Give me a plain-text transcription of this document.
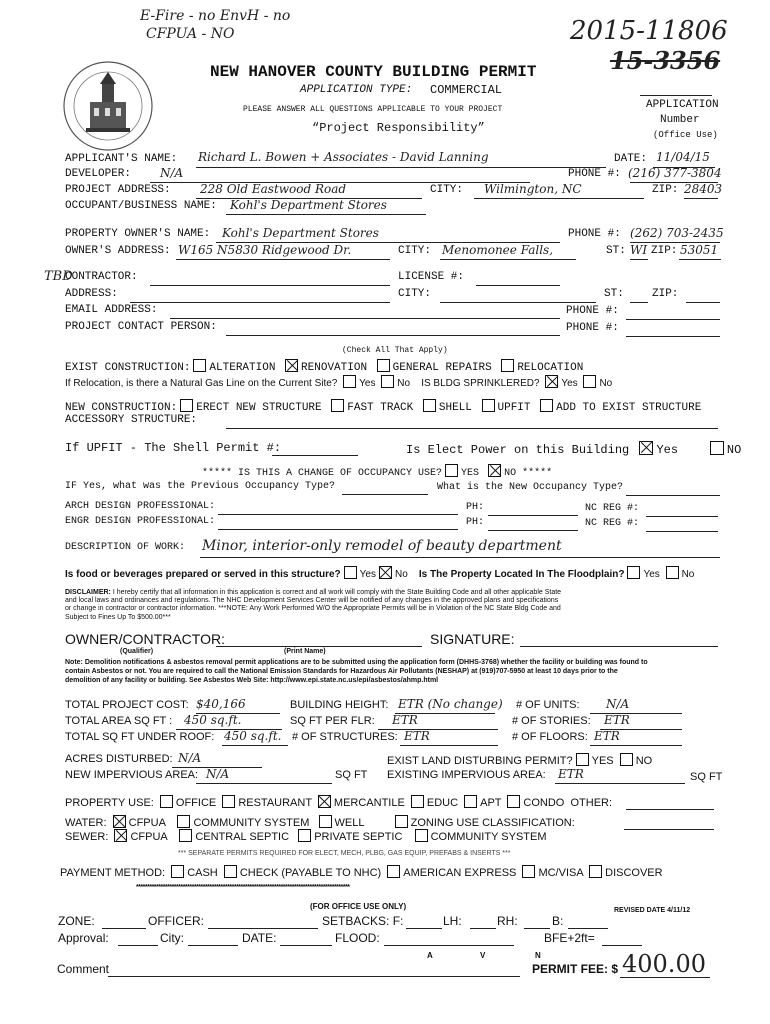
E-Fire - no EnvH - no
CFPUA - NO	2015-11806
15-3356
NEW HANOVER COUNTY BUILDING PERMIT
APPLICATION TYPE: COMMERCIAL
PLEASE ANSWER ALL QUESTIONS APPLICABLE TO YOUR PROJECT
“Project Responsibility”
APPLICATION
Number
(Office Use)
APPLICANT'S NAME: Richard L. Bowen + Associates - David Lanning	DATE: 11/04/15
DEVELOPER: N/A	PHONE #: (216) 377-3804
PROJECT ADDRESS: 228 Old Eastwood Road	CITY: Wilmington, NC	ZIP: 28403
OCCUPANT/BUSINESS NAME: Kohl's Department Stores
PROPERTY OWNER'S NAME: Kohl's Department Stores	PHONE #: (262) 703-2435
OWNER'S ADDRESS: W165 N5830 Ridgewood Dr.	CITY: Menomonee Falls,	ST: WI ZIP: 53051
TBD
CONTRACTOR:	LICENSE #:
ADDRESS:	CITY:	ST:	ZIP:
EMAIL ADDRESS:	PHONE #:
PROJECT CONTACT PERSON:	PHONE #:
(Check All That Apply)
EXIST CONSTRUCTION: ALTERATION RENOVATION GENERAL REPAIRS RELOCATION
If Relocation, is there a Natural Gas Line on the Current Site? Yes No IS BLDG SPRINKLERED? Yes No
NEW CONSTRUCTION: ERECT NEW STRUCTURE FAST TRACK SHELL UPFIT ADD TO EXIST STRUCTURE
ACCESSORY STRUCTURE:
If UPFIT - The Shell Permit #:	Is Elect Power on this Building Yes	NO
***** IS THIS A CHANGE OF OCCUPANCY USE? YES	NO *****
IF Yes, what was the Previous Occupancy Type?	What is the New Occupancy Type?
ARCH DESIGN PROFESSIONAL:	PH:	NC REG #:
ENGR DESIGN PROFESSIONAL:	PH:	NC REG #:
DESCRIPTION OF WORK: Minor, interior-only remodel of beauty department
Is food or beverages prepared or served in this structure? Yes No Is The Property Located In The Floodplain? Yes No
DISCLAIMER: I hereby certify that all information in this application is correct and all work will comply with the State Building Code and all other applicable State
and local laws and ordinances and regulations. The NHC Development Services Center will be notified of any changes in the approved plans and specifications
or change in contractor or contractor information. ***NOTE: Any Work Performed W/O the Appropriate Permits will be in Violation of the NC State Bldg Code and
Subject to Fines Up To $500.00***
OWNER/CONTRACTOR:	SIGNATURE:
(Qualifier)	(Print Name)
Note: Demolition notifications & asbestos removal permit applications are to be submitted using the application form (DHHS-3768) whether the facility or building was found to
contain Asbestos or not. You are required to call the National Emission Standards for Hazardous Air Pollutants (NESHAP) at (919)707-5950 at least 10 days prior to the
demolition of any facility or building. See Asbestos Web Site: http://www.epi.state.nc.us/epi/asbestos/ahmp.html
TOTAL PROJECT COST: $40,166	BUILDING HEIGHT: ETR (No change) # OF UNITS: N/A
TOTAL AREA SQ FT : 450 sq.ft.	SQ FT PER FLR: ETR	# OF STORIES: ETR
TOTAL SQ FT UNDER ROOF: 450 sq.ft. # OF STRUCTURES: ETR	# OF FLOORS: ETR
ACRES DISTURBED: N/A	EXIST LAND DISTURBING PERMIT? YES NO
NEW IMPERVIOUS AREA: N/A	SQ FT EXISTING IMPERVIOUS AREA: ETR	SQ FT
PROPERTY USE: OFFICE RESTAURANT MERCANTILE EDUC APT CONDO OTHER:
WATER: CFPUA	COMMUNITY SYSTEM WELL	ZONING USE CLASSIFICATION:
SEWER: CFPUA	CENTRAL SEPTIC PRIVATE SEPTIC	COMMUNITY SYSTEM
*** SEPARATE PERMITS REQUIRED FOR ELECT, MECH, PLBG, GAS EQUIP, PREFABS & INSERTS ***
PAYMENT METHOD: CASH CHECK (PAYABLE TO NHC) AMERICAN EXPRESS MC/VISA DISCOVER
************************************************************************************************
(FOR OFFICE USE ONLY)	REVISED DATE 4/11/12
ZONE:	OFFICER:	SETBACKS: F:	LH:	RH:	B:
Approval:	City:	DATE:	FLOOD:	BFE+2ft=
A	V	N
Comment	PERMIT FEE: $ 400.00
